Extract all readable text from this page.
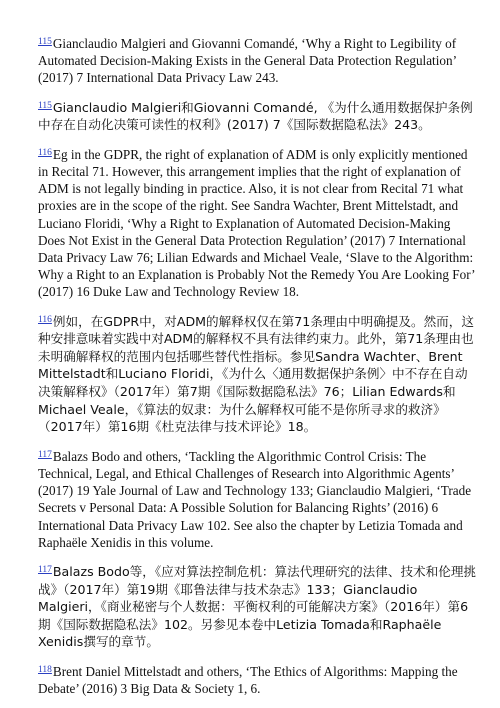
$^{115}$Gianclaudio Malgieri and Giovanni Comandé, ‘Why a Right to Legibility of Automated Decision-Making Exists in the General Data Protection Regulation’ (2017) 7 International Data Privacy Law 243.

$^{115}$Gianclaudio Malgieri和Giovanni Comandé, 《为什么通用数据保护条例中存在自动化决策可读性的权利》(2017) 7《国际数据隐私法》243。

$^{116}$Eg in the GDPR, the right of explanation of ADM is only explicitly mentioned in Recital 71. However, this arrangement implies that the right of explanation of ADM is not legally binding in practice. Also, it is not clear from Recital 71 what proxies are in the scope of the right. See Sandra Wachter, Brent Mittelstadt, and Luciano Floridi, ‘Why a Right to Explanation of Automated Decision-Making Does Not Exist in the General Data Protection Regulation’ (2017) 7 International Data Privacy Law 76; Lilian Edwards and Michael Veale, ‘Slave to the Algorithm: Why a Right to an Explanation is Probably Not the Remedy You Are Looking For’ (2017) 16 Duke Law and Technology Review 18.

$^{116}$例如，在GDPR中，对ADM的解释权仅在第71条理由中明确提及。然而，这种安排意味着实践中对ADM的解释权不具有法律约束力。此外，第71条理由也未明确解释权的范围内包括哪些替代性指标。参见Sandra Wachter、Brent Mittelstadt和Luciano Floridi，《为什么〈通用数据保护条例〉中不存在自动决策解释权》（2017年）第7期《国际数据隐私法》76；Lilian Edwards和Michael Veale，《算法的奴隶：为什么解释权可能不是你所寻求的救济》（2017年）第16期《杜克法律与技术评论》18。

$^{117}$Balazs Bodo and others, ‘Tackling the Algorithmic Control Crisis: The Technical, Legal, and Ethical Challenges of Research into Algorithmic Agents’ (2017) 19 Yale Journal of Law and Technology 133; Gianclaudio Malgieri, ‘Trade Secrets v Personal Data: A Possible Solution for Balancing Rights’ (2016) 6 International Data Privacy Law 102. See also the chapter by Letizia Tomada and Raphaële Xenidis in this volume.

$^{117}$Balazs Bodo等，《应对算法控制危机：算法代理研究的法律、技术和伦理挑战》（2017年）第19期《耶鲁法律与技术杂志》133；Gianclaudio Malgieri，《商业秘密与个人数据：平衡权利的可能解决方案》（2016年）第6期《国际数据隐私法》102。另参见本卷中Letizia Tomada和Raphaële Xenidis撰写的章节。

$^{118}$Brent Daniel Mittelstadt and others, ‘The Ethics of Algorithms: Mapping the Debate’ (2016) 3 Big Data & Society 1, 6.
